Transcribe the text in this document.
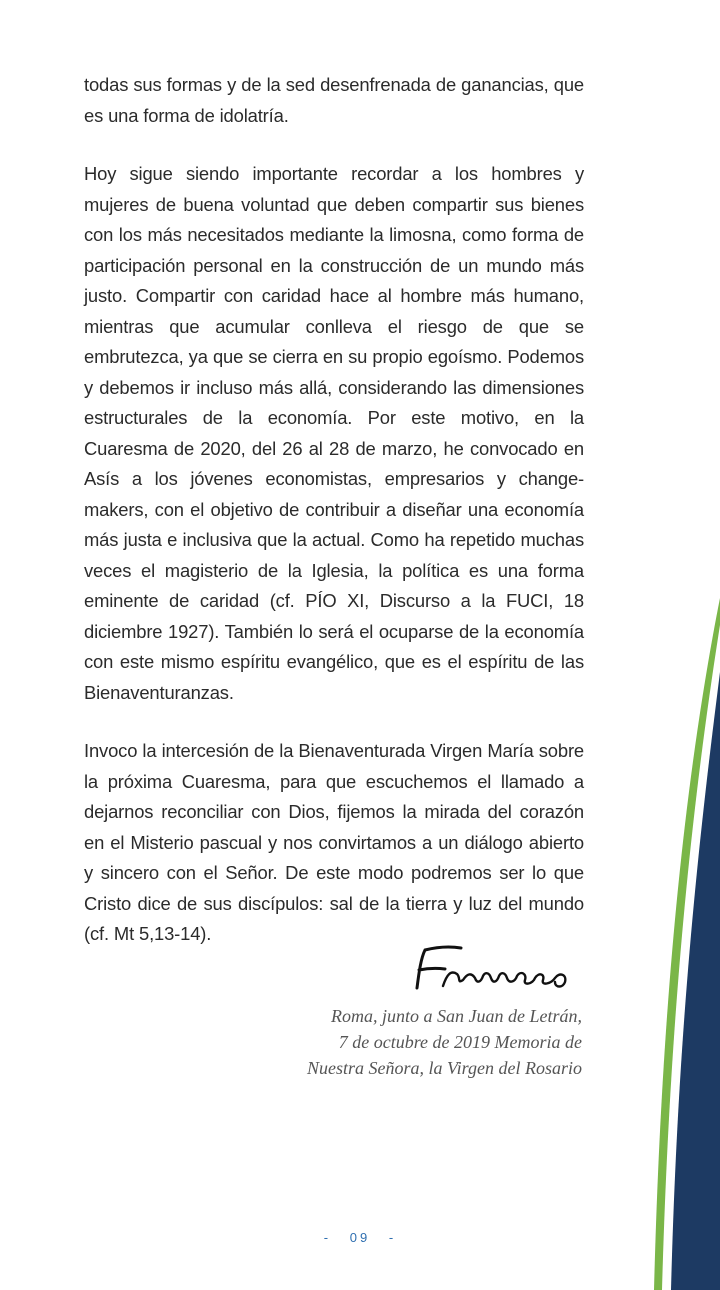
todas sus formas y de la sed desenfrenada de ganancias, que es una forma de idolatría.

Hoy sigue siendo importante recordar a los hombres y mujeres de buena voluntad que deben compartir sus bienes con los más necesitados mediante la limosna, como forma de participación personal en la construcción de un mundo más justo. Compartir con caridad hace al hombre más humano, mientras que acumular conlleva el riesgo de que se embrutezca, ya que se cierra en su propio egoísmo. Podemos y debemos ir incluso más allá, considerando las dimensiones estructurales de la economía. Por este motivo, en la Cuaresma de 2020, del 26 al 28 de marzo, he convocado en Asís a los jóvenes economistas, empresarios y change-makers, con el objetivo de contribuir a diseñar una economía más justa e inclusiva que la actual. Como ha repetido muchas veces el magisterio de la Iglesia, la política es una forma eminente de caridad (cf. PÍO XI, Discurso a la FUCI, 18 diciembre 1927). También lo será el ocuparse de la economía con este mismo espíritu evangélico, que es el espíritu de las Bienaventuranzas.

Invoco la intercesión de la Bienaventurada Virgen María sobre la próxima Cuaresma, para que escuchemos el llamado a dejarnos reconciliar con Dios, fijemos la mirada del corazón en el Misterio pascual y nos convirtamos a un diálogo abierto y sincero con el Señor. De este modo podremos ser lo que Cristo dice de sus discípulos: sal de la tierra y luz del mundo (cf. Mt 5,13-14).

Roma, junto a San Juan de Letrán,
7 de octubre de 2019 Memoria de
Nuestra Señora, la Virgen del Rosario
- 09 -
